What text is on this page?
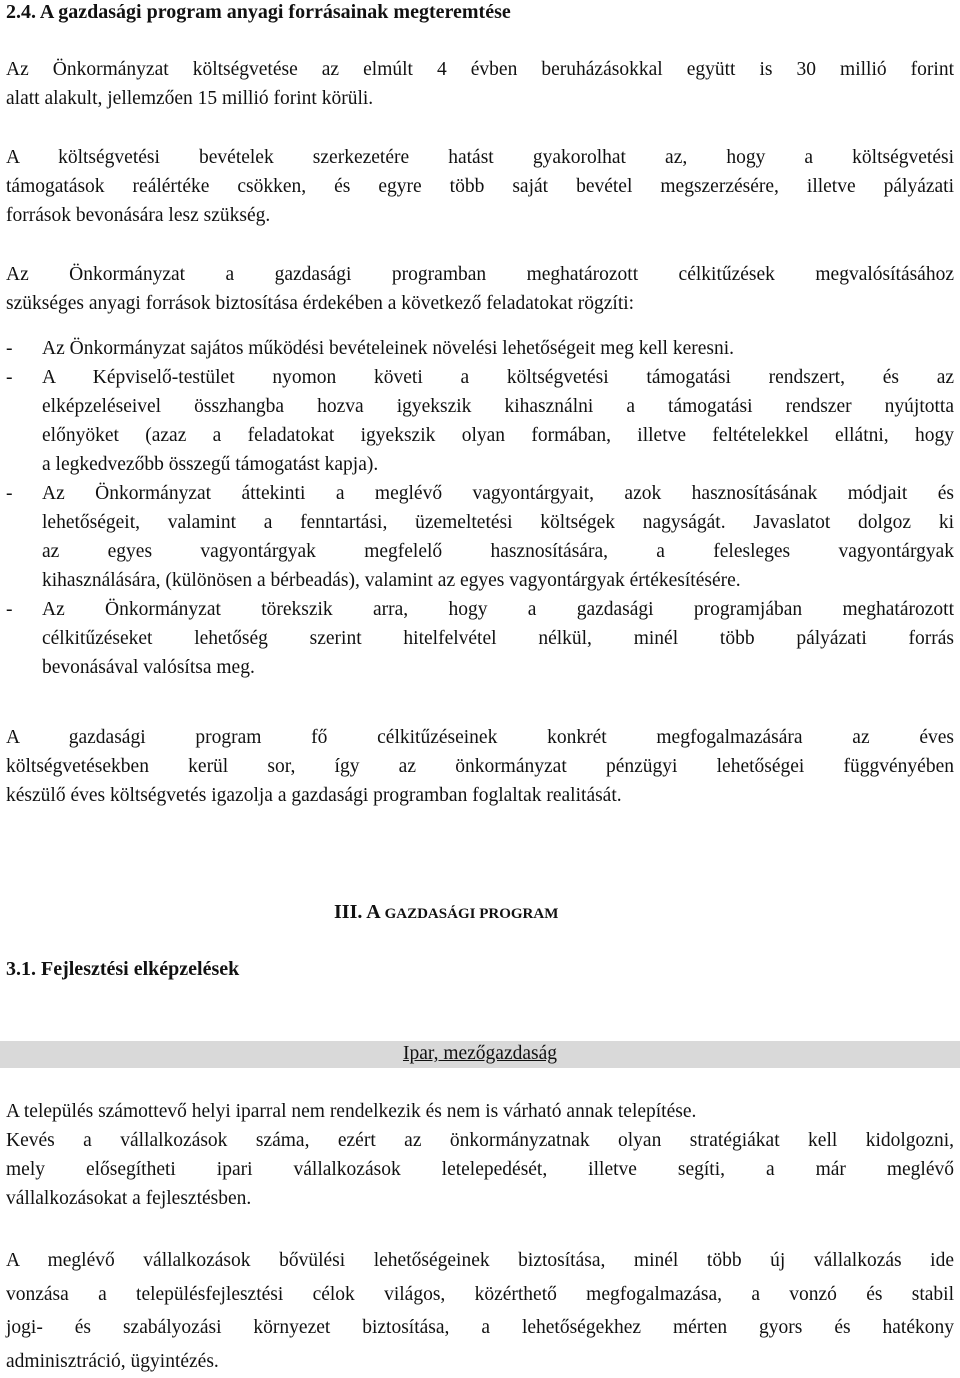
2.4. A gazdasági program anyagi forrásainak megteremtése

Az Önkormányzat költségvetése az elmúlt 4 évben beruházásokkal együtt is 30 millió forint
alatt alakult, jellemzően 15 millió forint körüli.

A költségvetési bevételek szerkezetére hatást gyakorolhat az, hogy a költségvetési
támogatások reálértéke csökken, és egyre több saját bevétel megszerzésére, illetve pályázati
források bevonására lesz szükség.

Az Önkormányzat a gazdasági programban meghatározott célkitűzések megvalósításához
szükséges anyagi források biztosítása érdekében a következő feladatokat rögzíti:

- Az Önkormányzat sajátos működési bevételeinek növelési lehetőségeit meg kell keresni.
- A Képviselő-testület nyomon követi a költségvetési támogatási rendszert, és az
elképzeléseivel összhangba hozva igyekszik kihasználni a támogatási rendszer nyújtotta
előnyöket (azaz a feladatokat igyekszik olyan formában, illetve feltételekkel ellátni, hogy
a legkedvezőbb összegű támogatást kapja).
- Az Önkormányzat áttekinti a meglévő vagyontárgyait, azok hasznosításának módjait és
lehetőségeit, valamint a fenntartási, üzemeltetési költségek nagyságát. Javaslatot dolgoz ki
az egyes vagyontárgyak megfelelő hasznosítására, a felesleges vagyontárgyak
kihasználására, (különösen a bérbeadás), valamint az egyes vagyontárgyak értékesítésére.
- Az Önkormányzat törekszik arra, hogy a gazdasági programjában meghatározott
célkitűzéseket lehetőség szerint hitelfelvétel nélkül, minél több pályázati forrás
bevonásával valósítsa meg.

A gazdasági program fő célkitűzéseinek konkrét megfogalmazására az éves
költségvetésekben kerül sor, így az önkormányzat pénzügyi lehetőségei függvényében
készülő éves költségvetés igazolja a gazdasági programban foglaltak realitását.

III. A GAZDASÁGI PROGRAM
3.1. Fejlesztési elképzelések
Ipar, mezőgazdaság

A település számottevő helyi iparral nem rendelkezik és nem is várható annak telepítése.

Kevés a vállalkozások száma, ezért az önkormányzatnak olyan stratégiákat kell kidolgozni,
mely elősegítheti ipari vállalkozások letelepedését, illetve segíti, a már meglévő
vállalkozásokat a fejlesztésben.

A meglévő vállalkozások bővülési lehetőségeinek biztosítása, minél több új vállalkozás ide
vonzása a településfejlesztési célok világos, közérthető megfogalmazása, a vonzó és stabil
jogi- és szabályozási környezet biztosítása, a lehetőségekhez mérten gyors és hatékony
adminisztráció, ügyintézés.
